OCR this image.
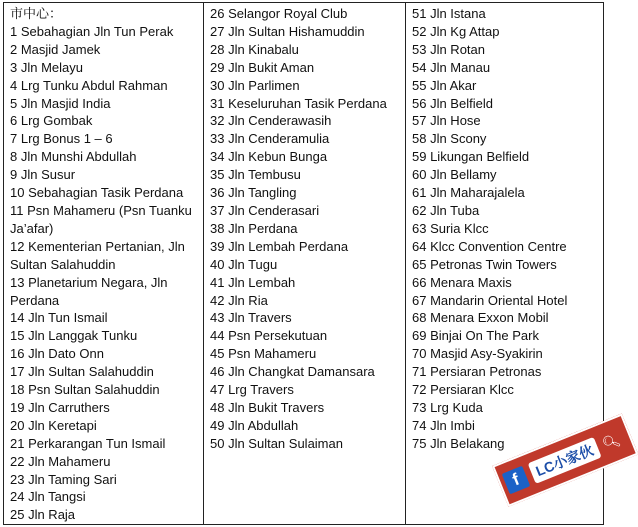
市中心：
1 Sebahagian Jln Tun Perak
2 Masjid Jamek
3 Jln Melayu
4 Lrg Tunku Abdul Rahman
5 Jln Masjid India
6 Lrg Gombak
7 Lrg Bonus 1 – 6
8 Jln Munshi Abdullah
9 Jln Susur
10 Sebahagian Tasik Perdana
11 Psn Mahameru (Psn Tuanku Ja’afar)
12 Kementerian Pertanian, Jln Sultan Salahuddin
13 Planetarium Negara, Jln Perdana
14 Jln Tun Ismail
15 Jln Langgak Tunku
16 Jln Dato Onn
17 Jln Sultan Salahuddin
18 Psn Sultan Salahuddin
19 Jln Carruthers
20 Jln Keretapi
21 Perkarangan Tun Ismail
22 Jln Mahameru
23 Jln Taming Sari
24 Jln Tangsi
25 Jln Raja
26 Selangor Royal Club
27 Jln Sultan Hishamuddin
28 Jln Kinabalu
29 Jln Bukit Aman
30 Jln Parlimen
31 Keseluruhan Tasik Perdana
32 Jln Cenderawasih
33 Jln Cenderamulia
34 Jln Kebun Bunga
35 Jln Tembusu
36 Jln Tangling
37 Jln Cenderasari
38 Jln Perdana
39 Jln Lembah Perdana
40 Jln Tugu
41 Jln Lembah
42 Jln Ria
43 Jln Travers
44 Psn Persekutuan
45 Psn Mahameru
46 Jln Changkat Damansara
47 Lrg Travers
48 Jln Bukit Travers
49 Jln Abdullah
50 Jln Sultan Sulaiman
51 Jln Istana
52 Jln Kg Attap
53 Jln Rotan
54 Jln Manau
55 Jln Akar
56 Jln Belfield
57 Jln Hose
58 Jln Scony
59 Likungan Belfield
60 Jln Bellamy
61 Jln Maharajalela
62 Jln Tuba
63 Suria Klcc
64 Klcc Convention Centre
65 Petronas Twin Towers
66 Menara Maxis
67 Mandarin Oriental Hotel
68 Menara Exxon Mobil
69 Binjai On The Park
70 Masjid Asy-Syakirin
71 Persiaran Petronas
72 Persiaran Klcc
73 Lrg Kuda
74 Jln Imbi
75 Jln Belakang
f
LC小家伙
🔍︎
